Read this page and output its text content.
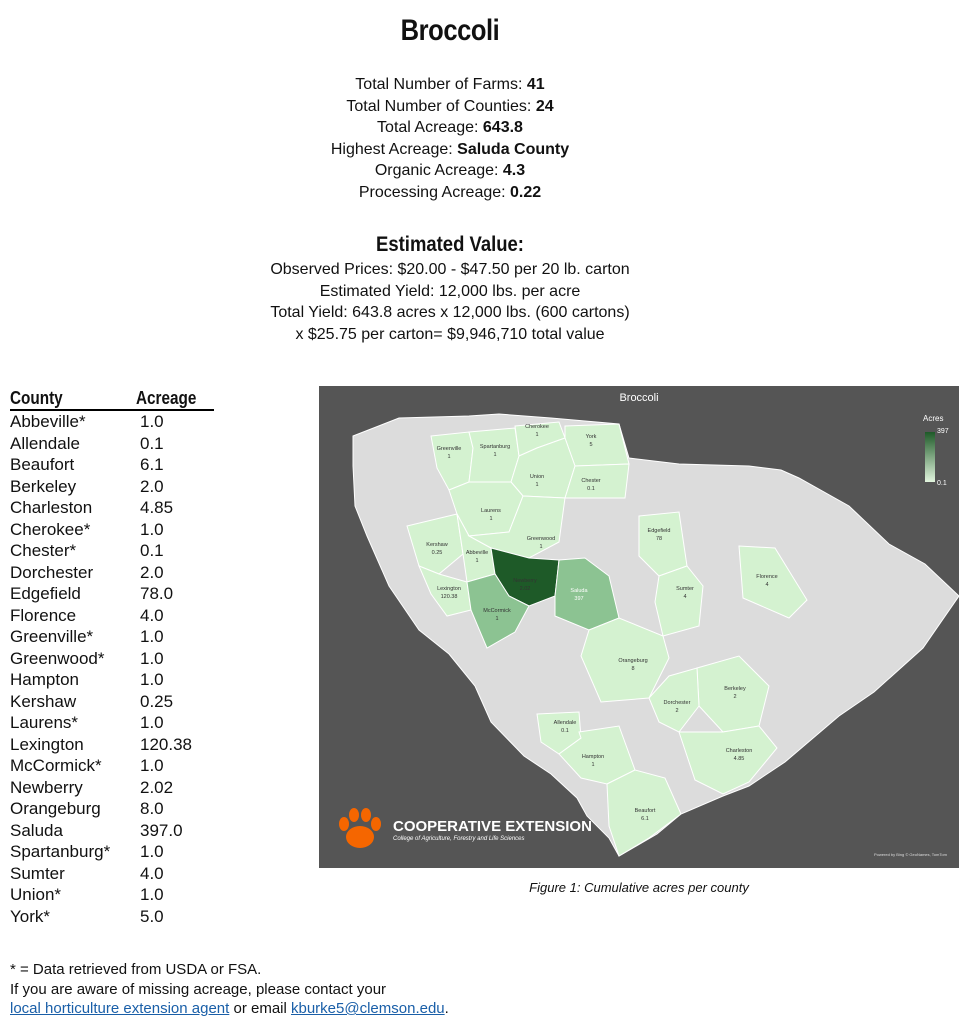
Broccoli
Total Number of Farms: 41
Total Number of Counties: 24
Total Acreage: 643.8
Highest Acreage: Saluda County
Organic Acreage: 4.3
Processing Acreage: 0.22
Estimated Value:
Observed Prices: $20.00 - $47.50 per 20 lb. carton
Estimated Yield: 12,000 lbs. per acre
Total Yield: 643.8 acres x 12,000 lbs. (600 cartons)
x $25.75 per carton= $9,946,710 total value
County	Acreage
Abbeville*	1.0
Allendale	0.1
Beaufort	6.1
Berkeley	2.0
Charleston	4.85
Cherokee*	1.0
Chester*	0.1
Dorchester	2.0
Edgefield	78.0
Florence	4.0
Greenville*	1.0
Greenwood*	1.0
Hampton	1.0
Kershaw	0.25
Laurens*	1.0
Lexington	120.38
McCormick*	1.0
Newberry	2.02
Orangeburg	8.0
Saluda	397.0
Spartanburg*	1.0
Sumter	4.0
Union*	1.0
York*	5.0
Broccoli
Cherokee
1	York
5
Greenville
1
Spartanburg
1
Union
1
Chester
0.1
Laurens
1
Kershaw
0.25	Abbeville
1
Greenwood
1
Newberry
2.02	Saluda
397
Lexington
120.38
McCormick
1
Edgefield
78
Sumter
4
Florence
4
Orangeburg
8
Berkeley
2
Dorchester
2
Allendale
0.1
Hampton
1
Charleston
4.85
Beaufort
6.1
Acres
397
0.1
COOPERATIVE EXTENSION
College of Agriculture, Forestry and Life Sciences
Powered by Bing © GeoNames, TomTom
Figure 1: Cumulative acres per county
* = Data retrieved from USDA or FSA.
If you are aware of missing acreage, please contact your
local horticulture extension agent or email kburke5@clemson.edu.
